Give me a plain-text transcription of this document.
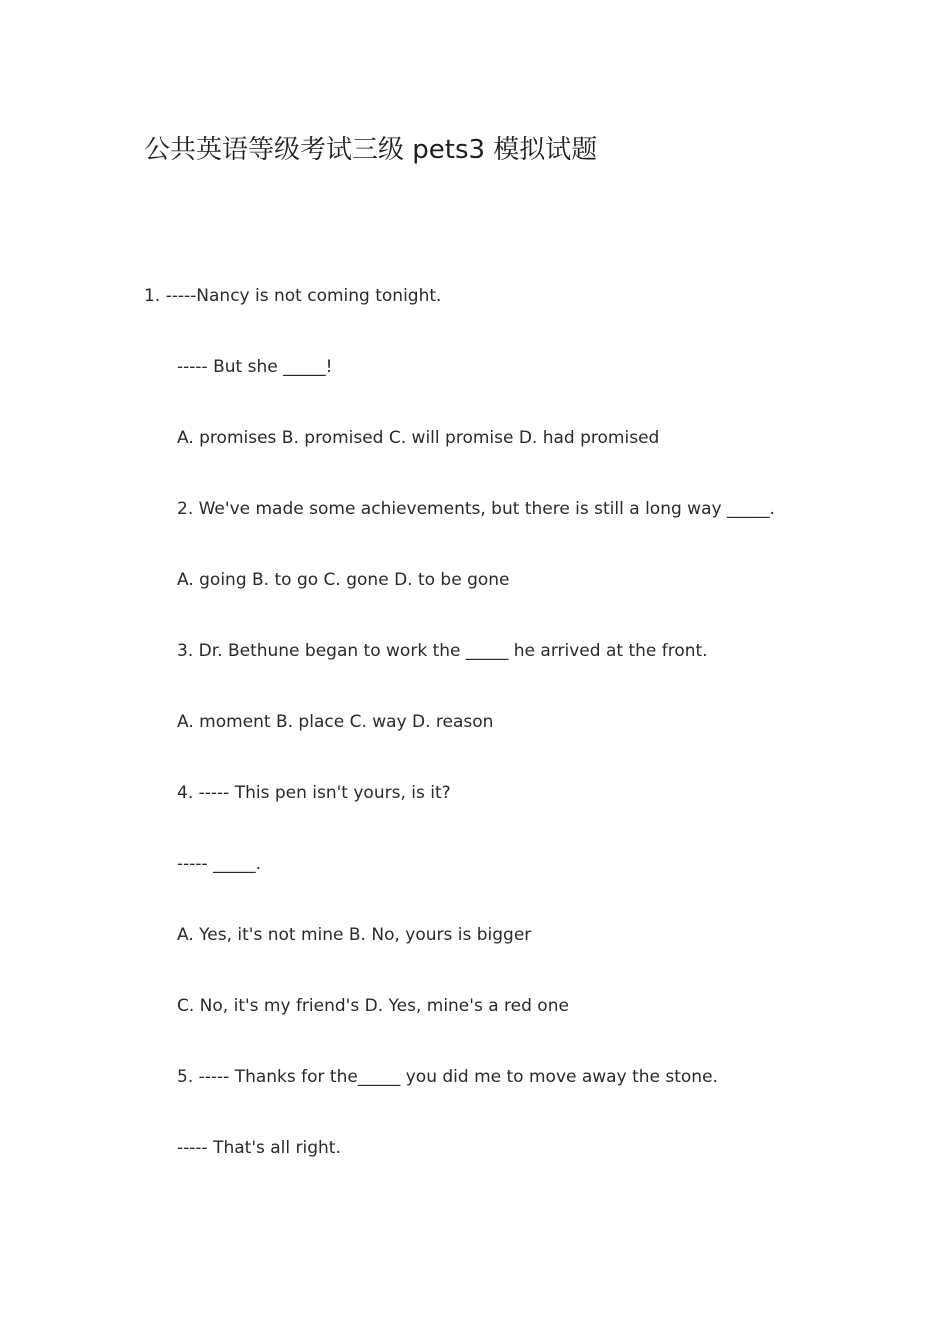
公共英语等级考试三级 pets3 模拟试题

1. -----Nancy is not coming tonight.

----- But she _____!

A. promises B. promised C. will promise D. had promised

2. We've made some achievements, but there is still a long way _____.

A. going B. to go C. gone D. to be gone

3. Dr. Bethune began to work the _____ he arrived at the front.

A. moment B. place C. way D. reason

4. ----- This pen isn't yours, is it?

----- _____.

A. Yes, it's not mine B. No, yours is bigger

C. No, it's my friend's D. Yes, mine's a red one

5. ----- Thanks for the_____ you did me to move away the stone.

----- That's all right.
